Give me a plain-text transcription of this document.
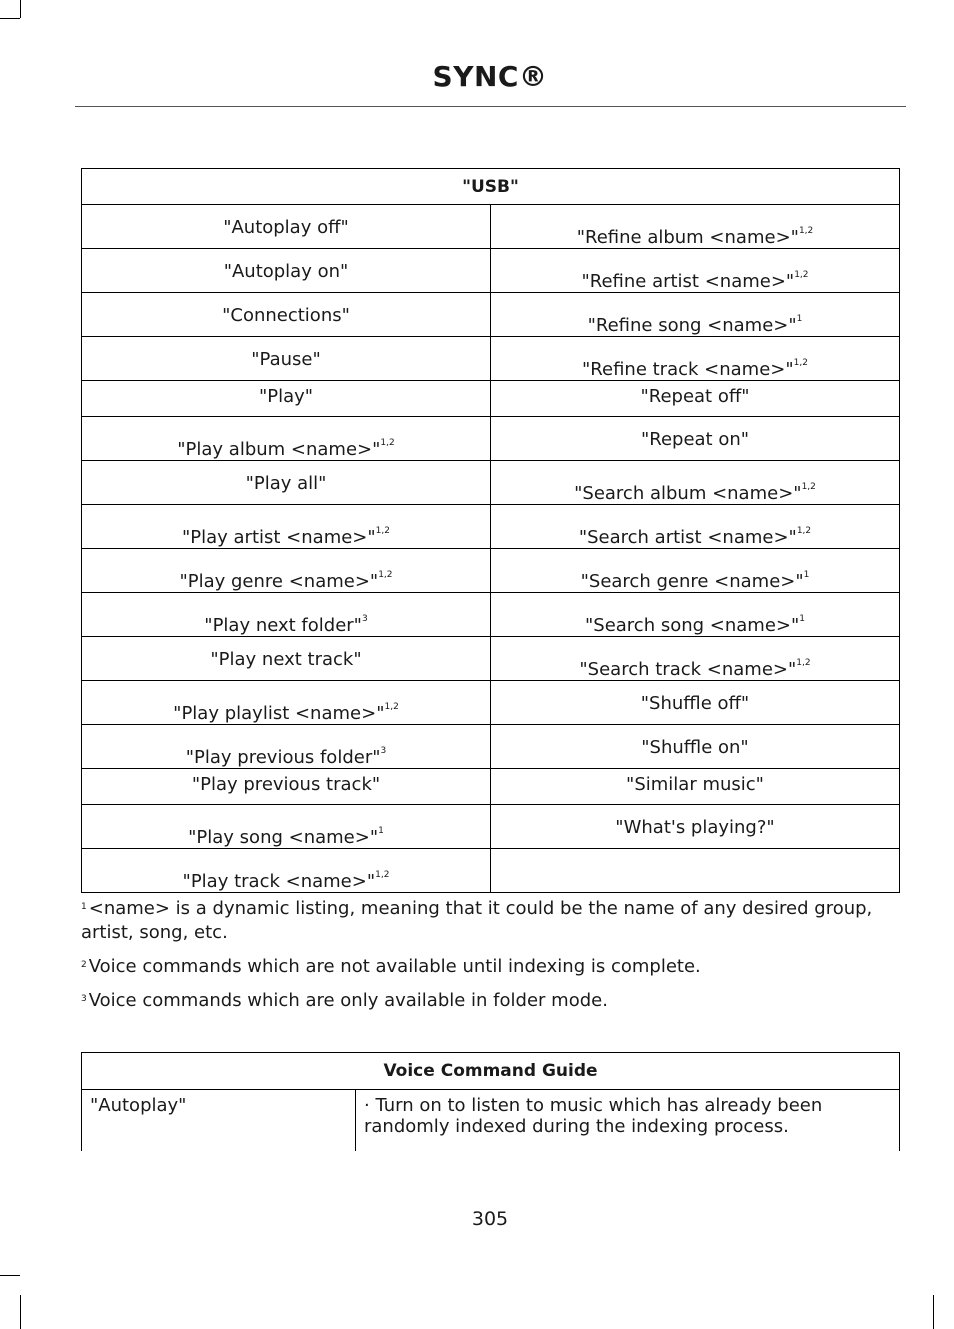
SYNC®
"USB"	

"Autoplay off"	"Refine album <name>"$^{1,2}$

"Autoplay on"	"Refine artist <name>"$^{1,2}$

"Connections"	"Refine song <name>"$^1$

"Pause"	"Refine track <name>"$^{1,2}$

"Play"	"Repeat off"

"Play album <name>"$^{1,2}$	"Repeat on"

"Play all"	"Search album <name>"$^{1,2}$

"Play artist <name>"$^{1,2}$	"Search artist <name>"$^{1,2}$

"Play genre <name>"$^{1,2}$	"Search genre <name>"$^1$

"Play next folder"$^3$	"Search song <name>"$^1$

"Play next track"	"Search track <name>"$^{1,2}$

"Play playlist <name>"$^{1,2}$	"Shuffle off"

"Play previous folder"$^3$	"Shuffle on"

"Play previous track"	"Similar music"

"Play song <name>"$^1$	"What's playing?"

"Play track <name>"$^{1,2}$

$^1$ <name> is a dynamic listing, meaning that it could be the name of any desired group, artist, song, etc.

$^2$ Voice commands which are not available until indexing is complete.

$^3$ Voice commands which are only available in folder mode.

Voice Command Guide
"Autoplay"	· Turn on to listen to music which has already been randomly indexed during the indexing process.
305
